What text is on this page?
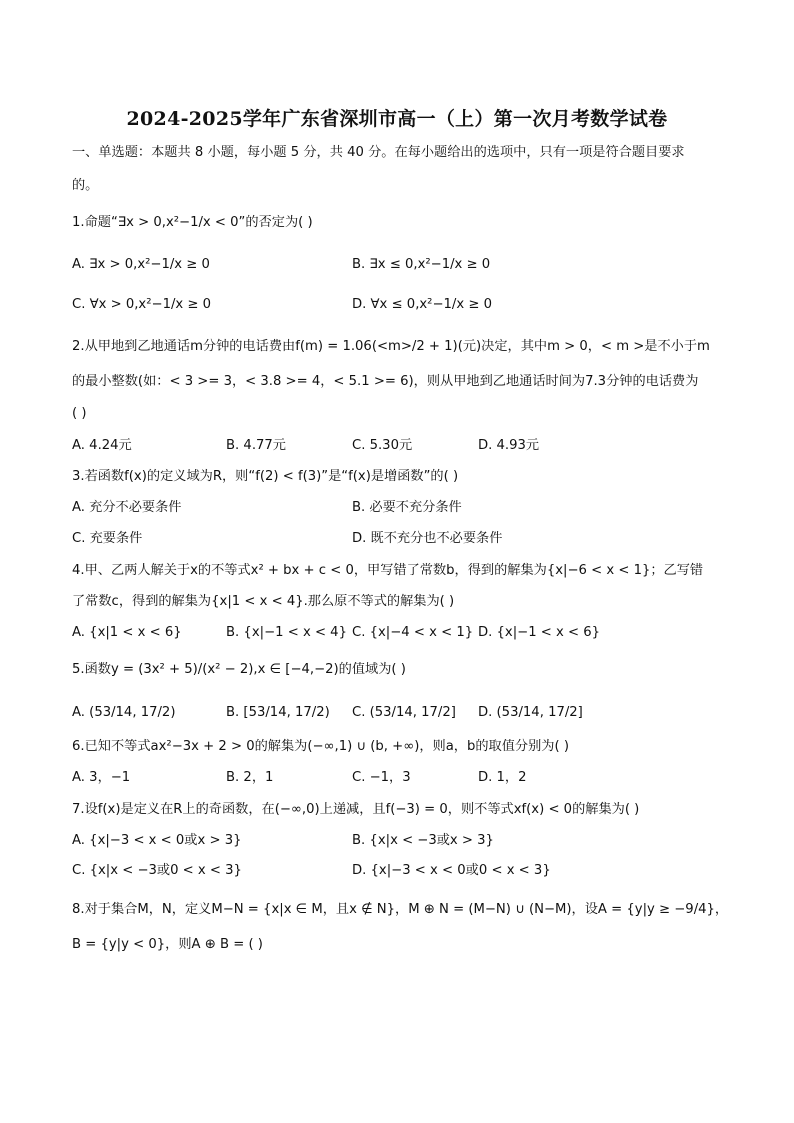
2024-2025学年广东省深圳市高一（上）第一次月考数学试卷
一、单选题：本题共 8 小题，每小题 5 分，共 40 分。在每小题给出的选项中，只有一项是符合题目要求
的。
1.命题“∃x > 0,x²−1/x < 0”的否定为( )
A. ∃x > 0,x²−1/x ≥ 0	B. ∃x ≤ 0,x²−1/x ≥ 0
C. ∀x > 0,x²−1/x ≥ 0	D. ∀x ≤ 0,x²−1/x ≥ 0
2.从甲地到乙地通话m分钟的电话费由f(m) = 1.06(<m>/2 + 1)(元)决定，其中m > 0，< m >是不小于m
的最小整数(如：< 3 >= 3，< 3.8 >= 4，< 5.1 >= 6)，则从甲地到乙地通话时间为7.3分钟的电话费为
( )
A. 4.24元	B. 4.77元	C. 5.30元	D. 4.93元
3.若函数f(x)的定义域为R，则“f(2) < f(3)”是“f(x)是增函数”的( )
A. 充分不必要条件	B. 必要不充分条件
C. 充要条件	D. 既不充分也不必要条件
4.甲、乙两人解关于x的不等式x² + bx + c < 0，甲写错了常数b，得到的解集为{x|−6 < x < 1}；乙写错
了常数c，得到的解集为{x|1 < x < 4}.那么原不等式的解集为( )
A. {x|1 < x < 6}	B. {x|−1 < x < 4} C. {x|−4 < x < 1} D. {x|−1 < x < 6}
5.函数y = (3x² + 5)/(x² − 2),x ∈ [−4,−2)的值域为( )
A. (53/14, 17/2)	B. [53/14, 17/2) C. (53/14, 17/2] D. (53/14, 17/2]
6.已知不等式ax²−3x + 2 > 0的解集为(−∞,1) ∪ (b, +∞)，则a，b的取值分别为( )
A. 3，−1	B. 2，1	C. −1，3	D. 1，2
7.设f(x)是定义在R上的奇函数，在(−∞,0)上递减，且f(−3) = 0，则不等式xf(x) < 0的解集为( )
A. {x|−3 < x < 0或x > 3}	B. {x|x < −3或x > 3}
C. {x|x < −3或0 < x < 3}	D. {x|−3 < x < 0或0 < x < 3}
8.对于集合M，N，定义M−N = {x|x ∈ M，且x ∉ N}，M ⊕ N = (M−N) ∪ (N−M)，设A = {y|y ≥ −9/4}，
B = {y|y < 0}，则A ⊕ B = ( )
